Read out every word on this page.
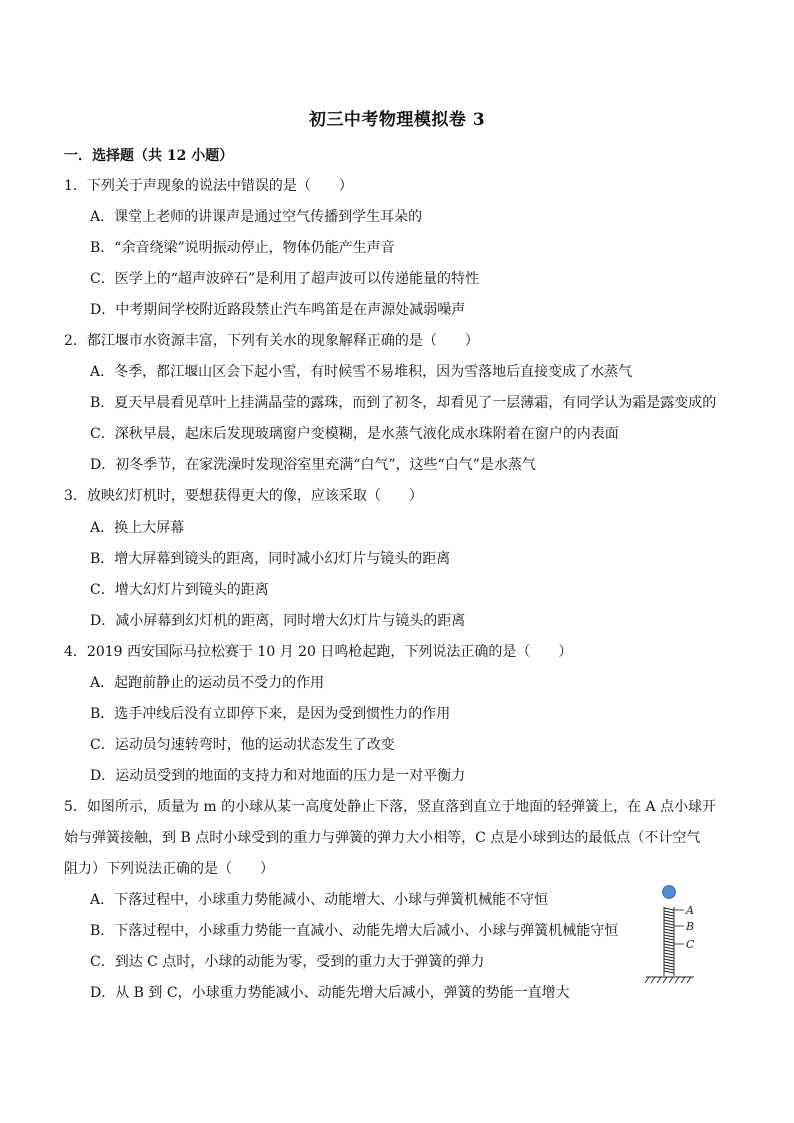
初三中考物理模拟卷 3
一．选择题（共 12 小题）
1．下列关于声现象的说法中错误的是（　　）
A．课堂上老师的讲课声是通过空气传播到学生耳朵的
B．“余音绕梁”说明振动停止，物体仍能产生声音
C．医学上的“超声波碎石”是利用了超声波可以传递能量的特性
D．中考期间学校附近路段禁止汽车鸣笛是在声源处减弱噪声
2．都江堰市水资源丰富，下列有关水的现象解释正确的是（　　）
A．冬季，都江堰山区会下起小雪，有时候雪不易堆积，因为雪落地后直接变成了水蒸气
B．夏天早晨看见草叶上挂满晶莹的露珠，而到了初冬，却看见了一层薄霜，有同学认为霜是露变成的
C．深秋早晨，起床后发现玻璃窗户变模糊，是水蒸气液化成水珠附着在窗户的内表面
D．初冬季节，在家洗澡时发现浴室里充满“白气”，这些“白气”是水蒸气
3．放映幻灯机时，要想获得更大的像，应该采取（　　）
A．换上大屏幕
B．增大屏幕到镜头的距离，同时减小幻灯片与镜头的距离
C．增大幻灯片到镜头的距离
D．减小屏幕到幻灯机的距离，同时增大幻灯片与镜头的距离
4．2019 西安国际马拉松赛于 10 月 20 日鸣枪起跑，下列说法正确的是（　　）
A．起跑前静止的运动员不受力的作用
B．选手冲线后没有立即停下来，是因为受到惯性力的作用
C．运动员匀速转弯时，他的运动状态发生了改变
D．运动员受到的地面的支持力和对地面的压力是一对平衡力
5．如图所示，质量为 m 的小球从某一高度处静止下落，竖直落到直立于地面的轻弹簧上，在 A 点小球开
始与弹簧接触，到 B 点时小球受到的重力与弹簧的弹力大小相等，C 点是小球到达的最低点（不计空气
阻力）下列说法正确的是（　　）
A．下落过程中，小球重力势能减小、动能增大、小球与弹簧机械能不守恒
B．下落过程中，小球重力势能一直减小、动能先增大后减小、小球与弹簧机械能守恒
C．到达 C 点时，小球的动能为零，受到的重力大于弹簧的弹力
D．从 B 到 C，小球重力势能减小、动能先增大后减小，弹簧的势能一直增大
A
B
C
